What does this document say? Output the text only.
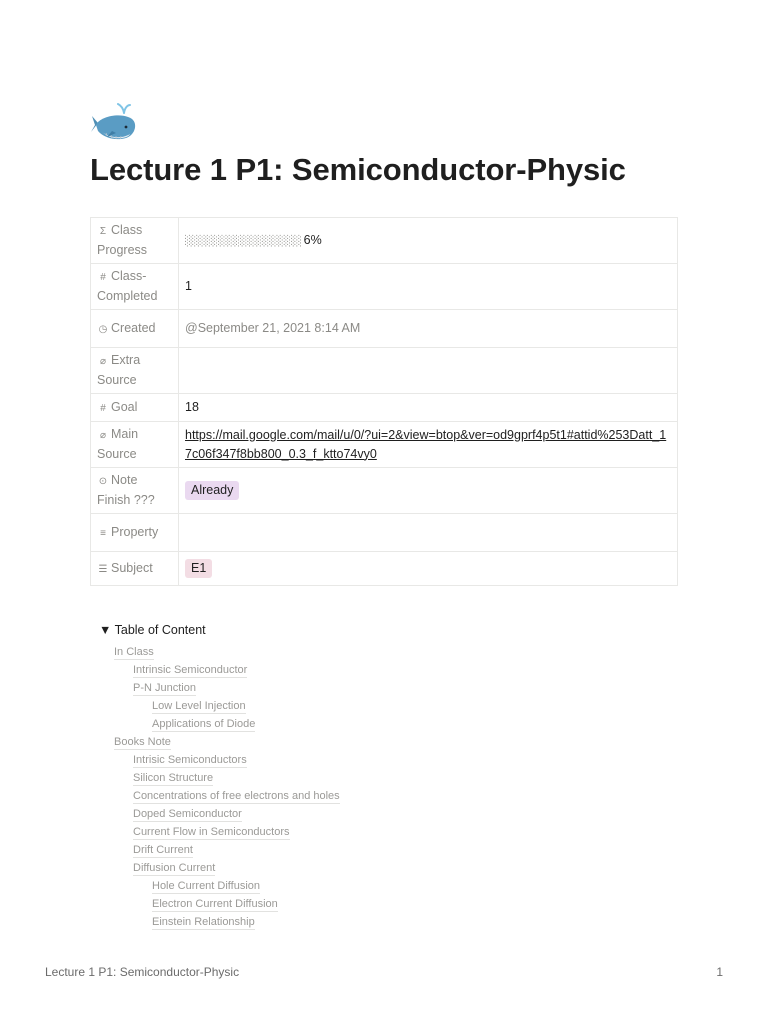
Lecture 1 P1: Semiconductor-Physic
Σ Class Progress	░░░░░░░░░░░░░░░░ 6%
# Class-Completed	1
◷ Created	@September 21, 2021 8:14 AM
⌀ Extra Source	
# Goal	18
⌀ Main Source	https://mail.google.com/mail/u/0/?ui=2&view=btop&ver=od9gprf4p5t1#attid%253Datt_17c06f347f8bb800_0.3_f_ktto74vy0
⊙ Note Finish ???	Already
≡ Property	
☰ Subject	E1
▼ Table of Content
In Class
Intrinsic Semiconductor
P-N Junction
Low Level Injection
Applications of Diode
Books Note
Intrisic Semiconductors
Silicon Structure
Concentrations of free electrons and holes
Doped Semiconductor
Current Flow in Semiconductors
Drift Current
Diffusion Current
Hole Current Diffusion
Electron Current Diffusion
Einstein Relationship
Lecture 1 P1: Semiconductor-Physic	1
